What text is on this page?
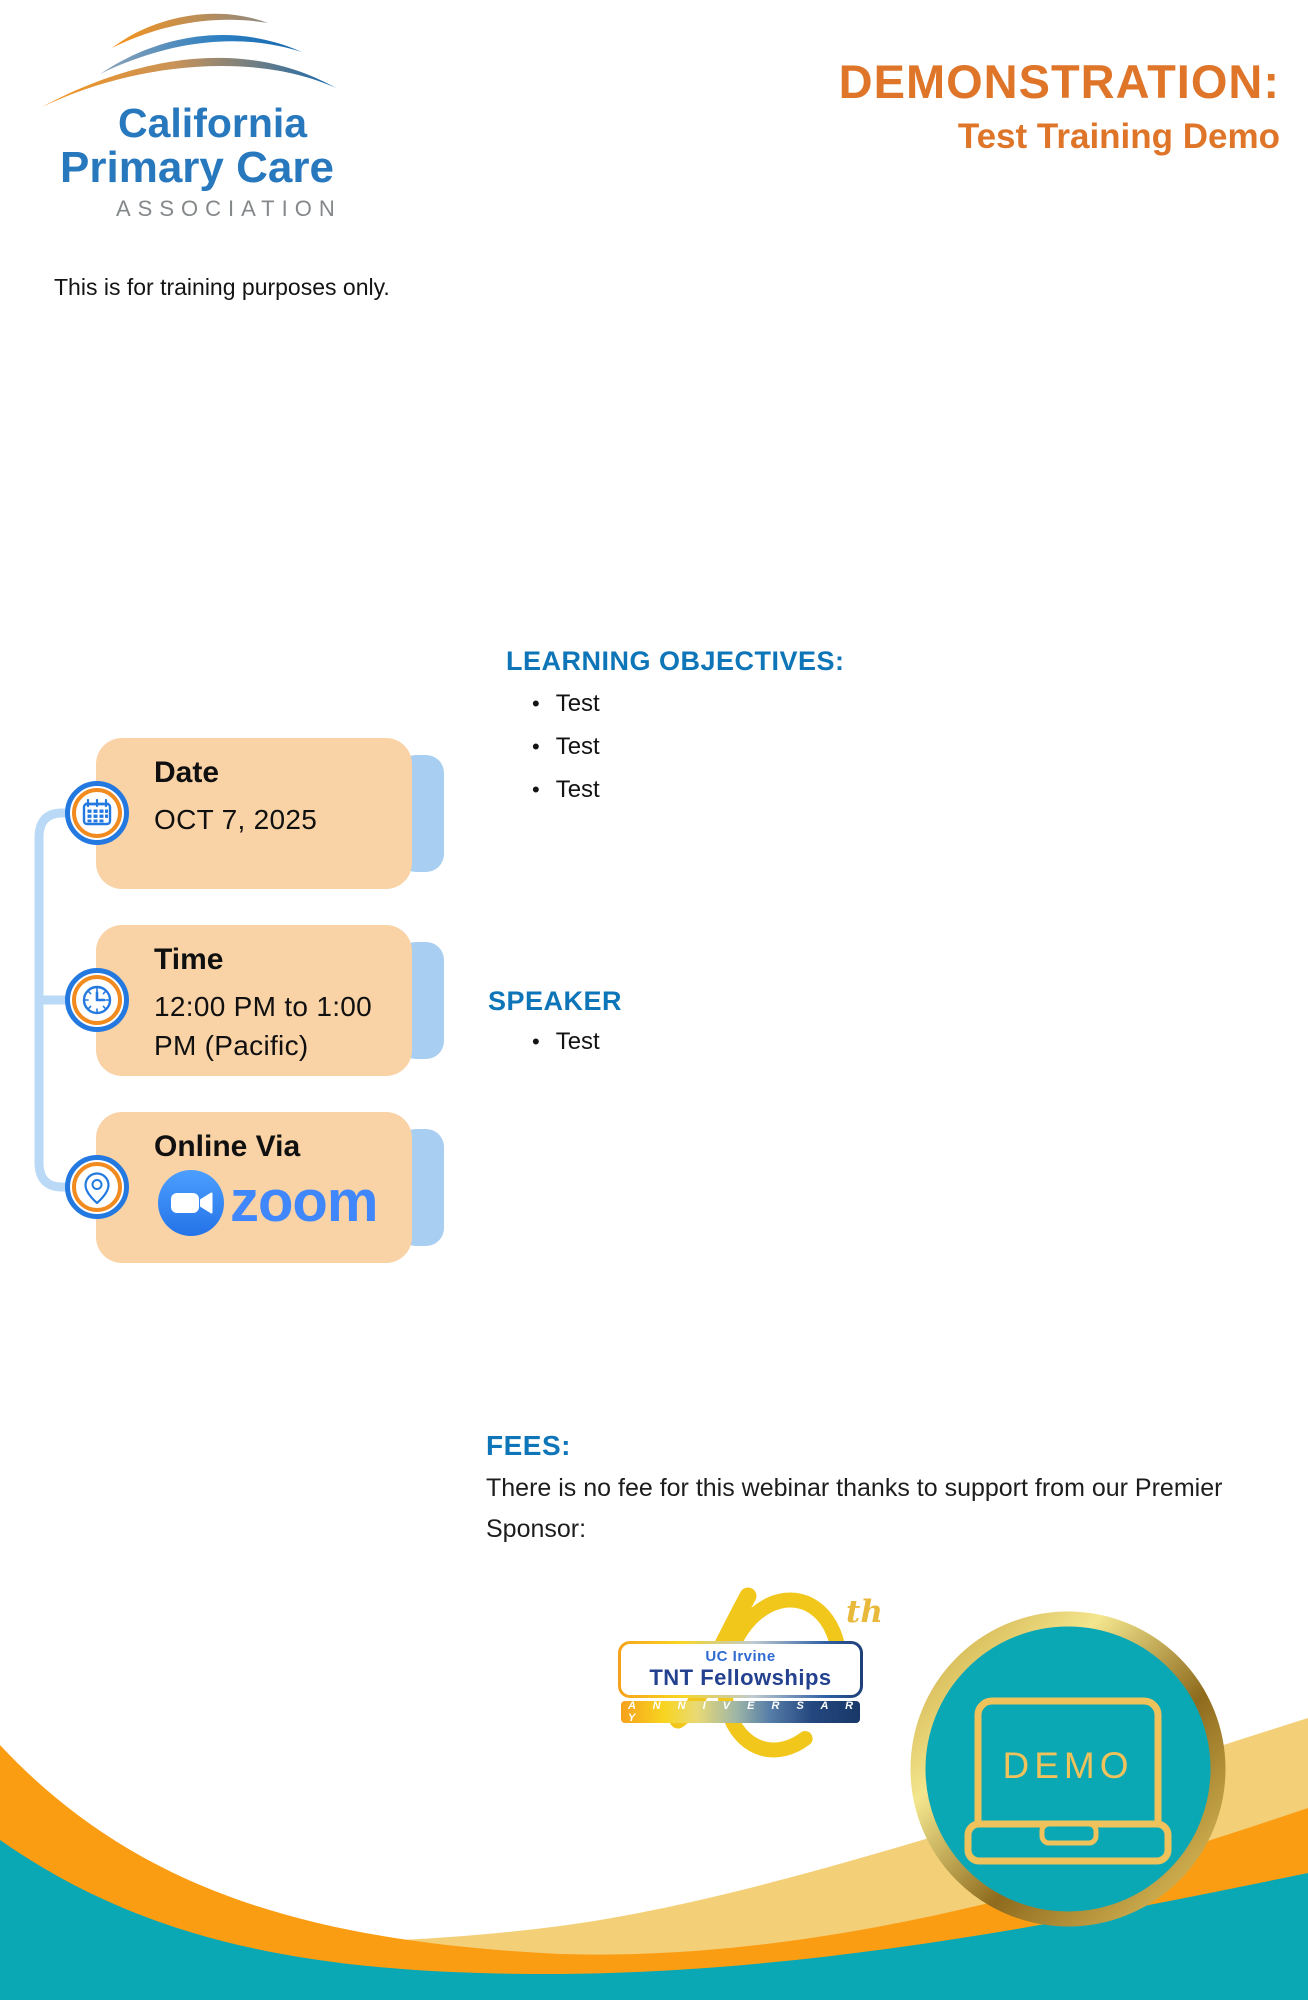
California
Primary Care
ASSOCIATION
DEMONSTRATION:
Test Training Demo
This is for training purposes only.
LEARNING OBJECTIVES:
• Test
• Test
• Test
Date
OCT 7, 2025
Time
12:00 PM to 1:00 PM (Pacific)
Online Via
zoom
SPEAKER
• Test
FEES:
There is no fee for this webinar thanks to support from our Premier Sponsor:
th
UC Irvine
TNT Fellowships
A N N I V E R S A R Y
DEMO
